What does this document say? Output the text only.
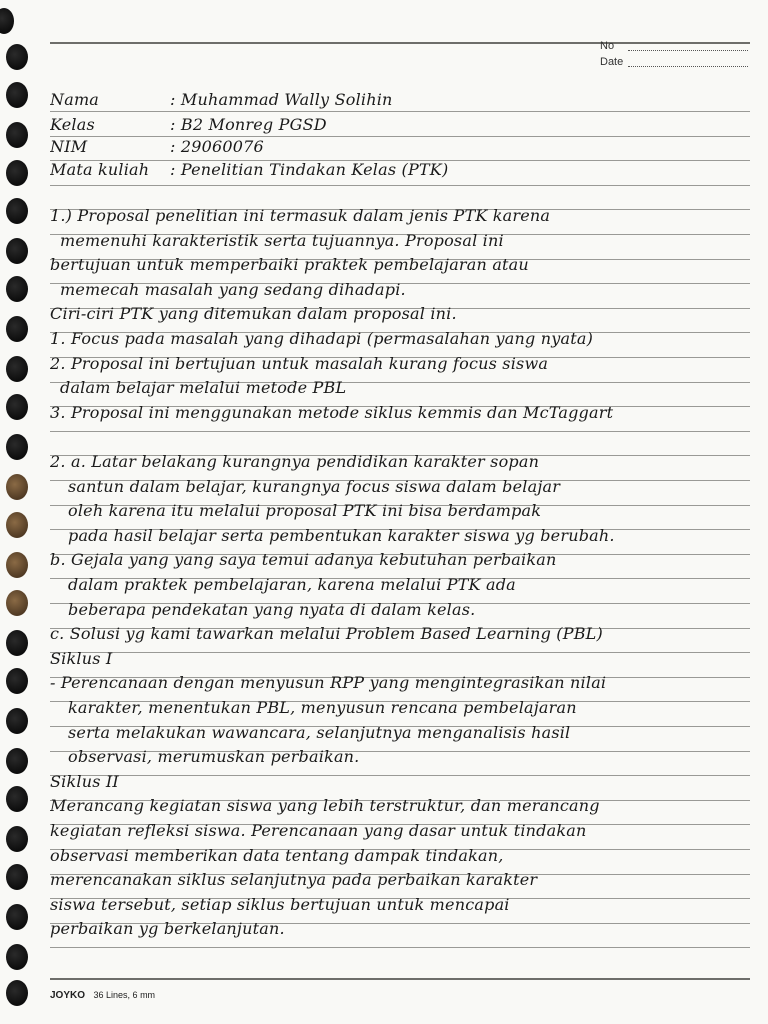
No
Date
Nama	: Muhammad Wally Solihin
Kelas	: B2 Monreg PGSD
NIM	: 29060076
Mata kuliah : Penelitian Tindakan Kelas (PTK)
1.) Proposal penelitian ini termasuk dalam jenis PTK karena
memenuhi karakteristik serta tujuannya. Proposal ini
bertujuan untuk memperbaiki praktek pembelajaran atau
memecah masalah yang sedang dihadapi.
Ciri-ciri PTK yang ditemukan dalam proposal ini.
1. Focus pada masalah yang dihadapi (permasalahan yang nyata)
2. Proposal ini bertujuan untuk masalah kurang focus siswa
dalam belajar melalui metode PBL
3. Proposal ini menggunakan metode siklus kemmis dan McTaggart
2. a. Latar belakang kurangnya pendidikan karakter sopan
santun dalam belajar, kurangnya focus siswa dalam belajar
oleh karena itu melalui proposal PTK ini bisa berdampak
pada hasil belajar serta pembentukan karakter siswa yg berubah.
b. Gejala yang yang saya temui adanya kebutuhan perbaikan
dalam praktek pembelajaran, karena melalui PTK ada
beberapa pendekatan yang nyata di dalam kelas.
c. Solusi yg kami tawarkan melalui Problem Based Learning (PBL)
Siklus I
- Perencanaan dengan menyusun RPP yang mengintegrasikan nilai
karakter, menentukan PBL, menyusun rencana pembelajaran
serta melakukan wawancara, selanjutnya menganalisis hasil
observasi, merumuskan perbaikan.
Siklus II
Merancang kegiatan siswa yang lebih terstruktur, dan merancang
kegiatan refleksi siswa. Perencanaan yang dasar untuk tindakan
observasi memberikan data tentang dampak tindakan,
merencanakan siklus selanjutnya pada perbaikan karakter
siswa tersebut, setiap siklus bertujuan untuk mencapai
perbaikan yg berkelanjutan.
JOYKO 36 Lines, 6 mm
